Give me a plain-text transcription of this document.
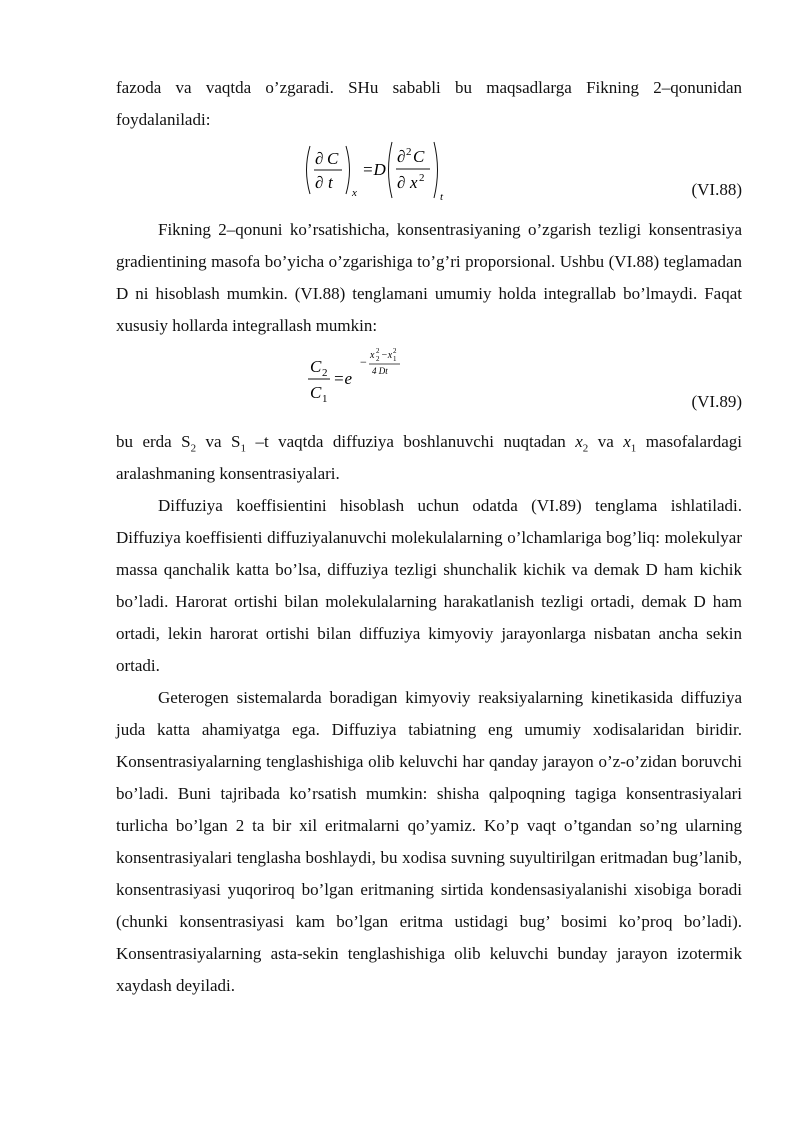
fazoda va vaqtda o’zgaradi. SHu sababli bu maqsadlarga Fikning 2–qonunidan foydalaniladi:

∂ C
∂ t
x
=D
∂ 2 C
∂ x 2
t	(VI.88)

Fikning 2–qonuni ko’rsatishicha, konsentrasiyaning o’zgarish tezligi konsentrasiya gradientining masofa bo’yicha o’zgarishiga to’g’ri proporsional. Ushbu (VI.88) teglamadan D ni hisoblash mumkin. (VI.88) tenglamani umumiy holda integrallab bo’lmaydi. Faqat xususiy hollarda integrallash mumkin:

C 2
C 1
=e
− x 2
2 −x 2
1
4 Dt
(VI.89)

bu erda $S_2$ va $S_1$ –t vaqtda diffuziya boshlanuvchi nuqtadan $x_2$ va $x_1$ masofalardagi aralashmaning konsentrasiyalari.

Diffuziya koeffisientini hisoblash uchun odatda (VI.89) tenglama ishlatiladi. Diffuziya koeffisienti diffuziyalanuvchi molekulalarning o’lchamlariga bog’liq: molekulyar massa qanchalik katta bo’lsa, diffuziya tezligi shunchalik kichik va demak D ham kichik bo’ladi. Harorat ortishi bilan molekulalarning harakatlanish tezligi ortadi, demak D ham ortadi, lekin harorat ortishi bilan diffuziya kimyoviy jarayonlarga nisbatan ancha sekin ortadi.

Geterogen sistemalarda boradigan kimyoviy reaksiyalarning kinetikasida diffuziya juda katta ahamiyatga ega. Diffuziya tabiatning eng umumiy xodisalaridan biridir. Konsentrasiyalarning tenglashishiga olib keluvchi har qanday jarayon o’z-o’zidan boruvchi bo’ladi. Buni tajribada ko’rsatish mumkin: shisha qalpoqning tagiga konsentrasiyalari turlicha bo’lgan 2 ta bir xil eritmalarni qo’yamiz. Ko’p vaqt o’tgandan so’ng ularning konsentrasiyalari tenglasha boshlaydi, bu xodisa suvning suyultirilgan eritmadan bug’lanib, konsentrasiyasi yuqoriroq bo’lgan eritmaning sirtida kondensasiyalanishi xisobiga boradi (chunki konsentrasiyasi kam bo’lgan eritma ustidagi bug’ bosimi ko’proq bo’ladi). Konsentrasiyalarning asta-sekin tenglashishiga olib keluvchi bunday jarayon izotermik xaydash deyiladi.
